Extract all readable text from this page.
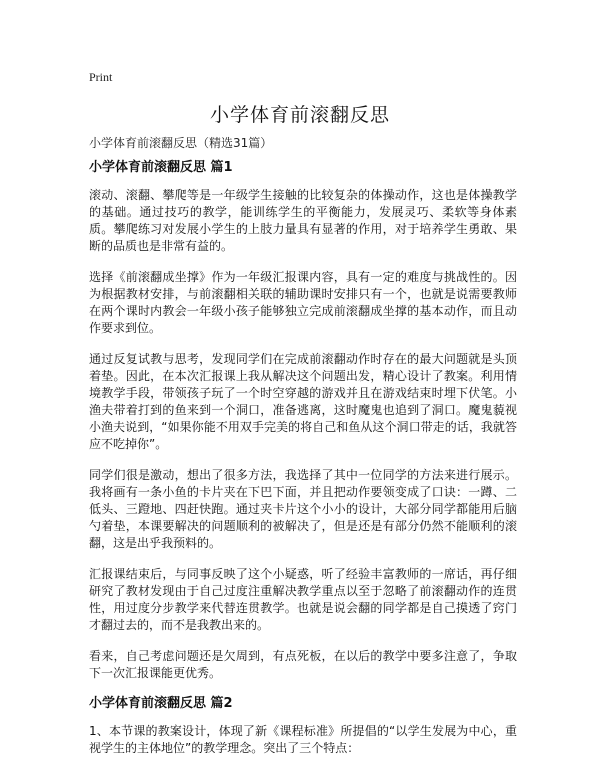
Print
小学体育前滚翻反思
小学体育前滚翻反思（精选31篇）
小学体育前滚翻反思 篇1

滚动、滚翻、攀爬等是一年级学生接触的比较复杂的体操动作，这也是体操教学的基础。通过技巧的教学，能训练学生的平衡能力，发展灵巧、柔软等身体素质。攀爬练习对发展小学生的上肢力量具有显著的作用，对于培养学生勇敢、果断的品质也是非常有益的。

选择《前滚翻成坐撑》作为一年级汇报课内容，具有一定的难度与挑战性的。因为根据教材安排，与前滚翻相关联的辅助课时安排只有一个，也就是说需要教师在两个课时内教会一年级小孩子能够独立完成前滚翻成坐撑的基本动作，而且动作要求到位。

通过反复试教与思考，发现同学们在完成前滚翻动作时存在的最大问题就是头顶着垫。因此，在本次汇报课上我从解决这个问题出发，精心设计了教案。利用情境教学手段，带领孩子玩了一个时空穿越的游戏并且在游戏结束时埋下伏笔。小渔夫带着打到的鱼来到一个洞口，准备逃离，这时魔鬼也追到了洞口。魔鬼藐视小渔夫说到，“如果你能不用双手完美的将自己和鱼从这个洞口带走的话，我就答应不吃掉你”。

同学们很是激动，想出了很多方法，我选择了其中一位同学的方法来进行展示。我将画有一条小鱼的卡片夹在下巴下面，并且把动作要领变成了口诀：一蹲、二低头、三蹬地、四赶快跑。通过夹卡片这个小小的设计，大部分同学都能用后脑勺着垫，本课要解决的问题顺利的被解决了，但是还是有部分仍然不能顺利的滚翻，这是出乎我预料的。

汇报课结束后，与同事反映了这个小疑惑，听了经验丰富教师的一席话，再仔细研究了教材发现由于自己过度注重解决教学重点以至于忽略了前滚翻动作的连贯性，用过度分步教学来代替连贯教学。也就是说会翻的同学都是自己摸透了窍门才翻过去的，而不是我教出来的。

看来，自己考虑问题还是欠周到，有点死板，在以后的教学中要多注意了，争取下一次汇报课能更优秀。

小学体育前滚翻反思 篇2

1、本节课的教案设计，体现了新《课程标准》所提倡的“以学生发展为中心，重视学生的主体地位”的教学理念。突出了三个特点：
